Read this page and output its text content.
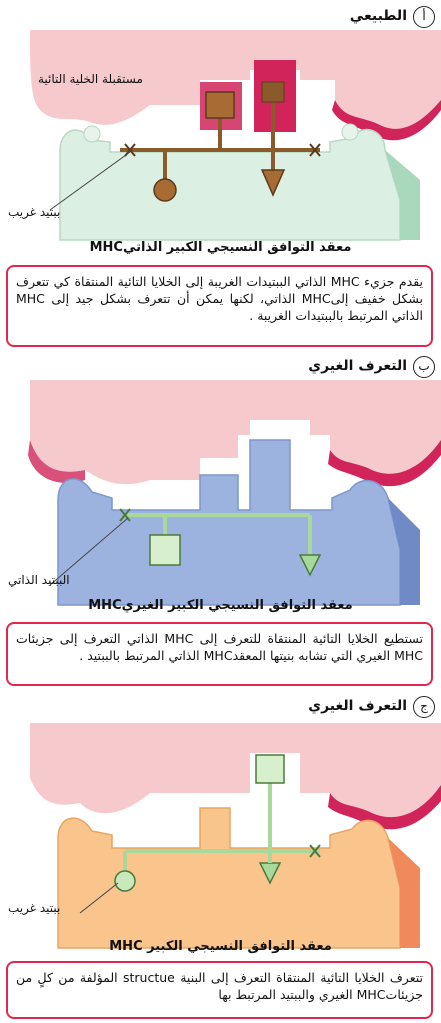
الطبيعي	أ
مستقبلة الخلية التائية
ببتيد غريب
معقد التوافق النسيجي الكبير الذاتيMHC
يقدم جزيء MHC الذاتي الببتيدات الغريبة إلى الخلايا التائية المنتقاة كي تتعرف بشكل خفيف إلىMHC الذاتي، لكنها يمكن أن تتعرف بشكل جيد إلى MHC الذاتي المرتبط بالببتيدات الغريبة .
التعرف الغيري ب
الببتيد الذاتي
معقد التوافق النسيجي الكبير الغيريMHC
تستطيع الخلايا التائية المنتقاة للتعرف إلى MHC الذاتي التعرف إلى جزيئات MHC الغيري التي تشابه بنيتها المعقدMHC الذاتي المرتبط بالببتيد .
التعرف الغيري	ج
ببتيد غريب
معقد التوافق النسيجي الكبير MHC
تتعرف الخلايا التائية المنتقاة التعرف إلى البنية structue المؤلفة من كلٍ من جزيئاتMHC الغيري والببتيد المرتبط بها
